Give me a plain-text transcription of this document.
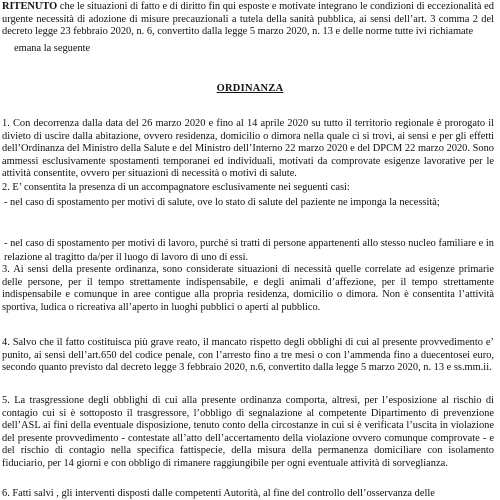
RITENUTO che le situazioni di fatto e di diritto fin qui esposte e motivate integrano le condizioni di eccezionalità ed urgente necessità di adozione di misure precauzionali a tutela della sanità pubblica, ai sensi dell’art. 3 comma 2 del decreto legge 23 febbraio 2020, n. 6, convertito dalla legge 5 marzo 2020, n. 13 e delle norme tutte ivi richiamate
emana la seguente
ORDINANZA
1. Con decorrenza dalla data del 26 marzo 2020 e fino al 14 aprile 2020 su tutto il territorio regionale è prorogato il divieto di uscire dalla abitazione, ovvero residenza, domicilio o dimora nella quale ci si trovi, ai sensi e per gli effetti dell’Ordinanza del Ministro della Salute e del Ministro dell’Interno 22 marzo 2020 e del DPCM 22 marzo 2020. Sono ammessi esclusivamente spostamenti temporanei ed individuali, motivati da comprovate esigenze lavorative per le attività consentite, ovvero per situazioni di necessità o motivi di salute.
2. E’ consentita la presenza di un accompagnatore esclusivamente nei seguenti casi:
- nel caso di spostamento per motivi di salute, ove lo stato di salute del paziente ne imponga la necessità;
- nel caso di spostamento per motivi di lavoro, purché si tratti di persone appartenenti allo stesso nucleo familiare e in relazione al tragitto da/per il luogo di lavoro di uno di essi.
3. Ai sensi della presente ordinanza, sono considerate situazioni di necessità quelle correlate ad esigenze primarie delle persone, per il tempo strettamente indispensabile, e degli animali d’affezione, per il tempo strettamente indispensabile e comunque in aree contigue alla propria residenza, domicilio o dimora. Non è consentita l’attività sportiva, ludica o ricreativa all’aperto in luoghi pubblici o aperti al pubblico.
4. Salvo che il fatto costituisca più grave reato, il mancato rispetto degli obblighi di cui al presente provvedimento e’ punito, ai sensi dell’art.650 del codice penale, con l’arresto fino a tre mesi o con l’ammenda fino a duecentosei euro, secondo quanto previsto dal decreto legge 3 febbraio 2020, n.6, convertito dalla legge 5 marzo 2020, n. 13 e ss.mm.ii.
5. La trasgressione degli obblighi di cui alla presente ordinanza comporta, altresì, per l’esposizione al rischio di contagio cui si è sottoposto il trasgressore, l’obbligo di segnalazione al competente Dipartimento di prevenzione dell’ASL ai fini della eventuale disposizione, tenuto conto della circostanze in cui si è verificata l’uscita in violazione del presente provvedimento - contestate all’atto dell’accertamento della violazione ovvero comunque comprovate - e del rischio di contagio nella specifica fattispecie, della misura della permanenza domiciliare con isolamento fiduciario, per 14 giorni e con obbligo di rimanere raggiungibile per ogni eventuale attività di sorveglianza.
6. Fatti salvi , gli interventi disposti dalle competenti Autorità, al fine del controllo dell’osservanza delle
